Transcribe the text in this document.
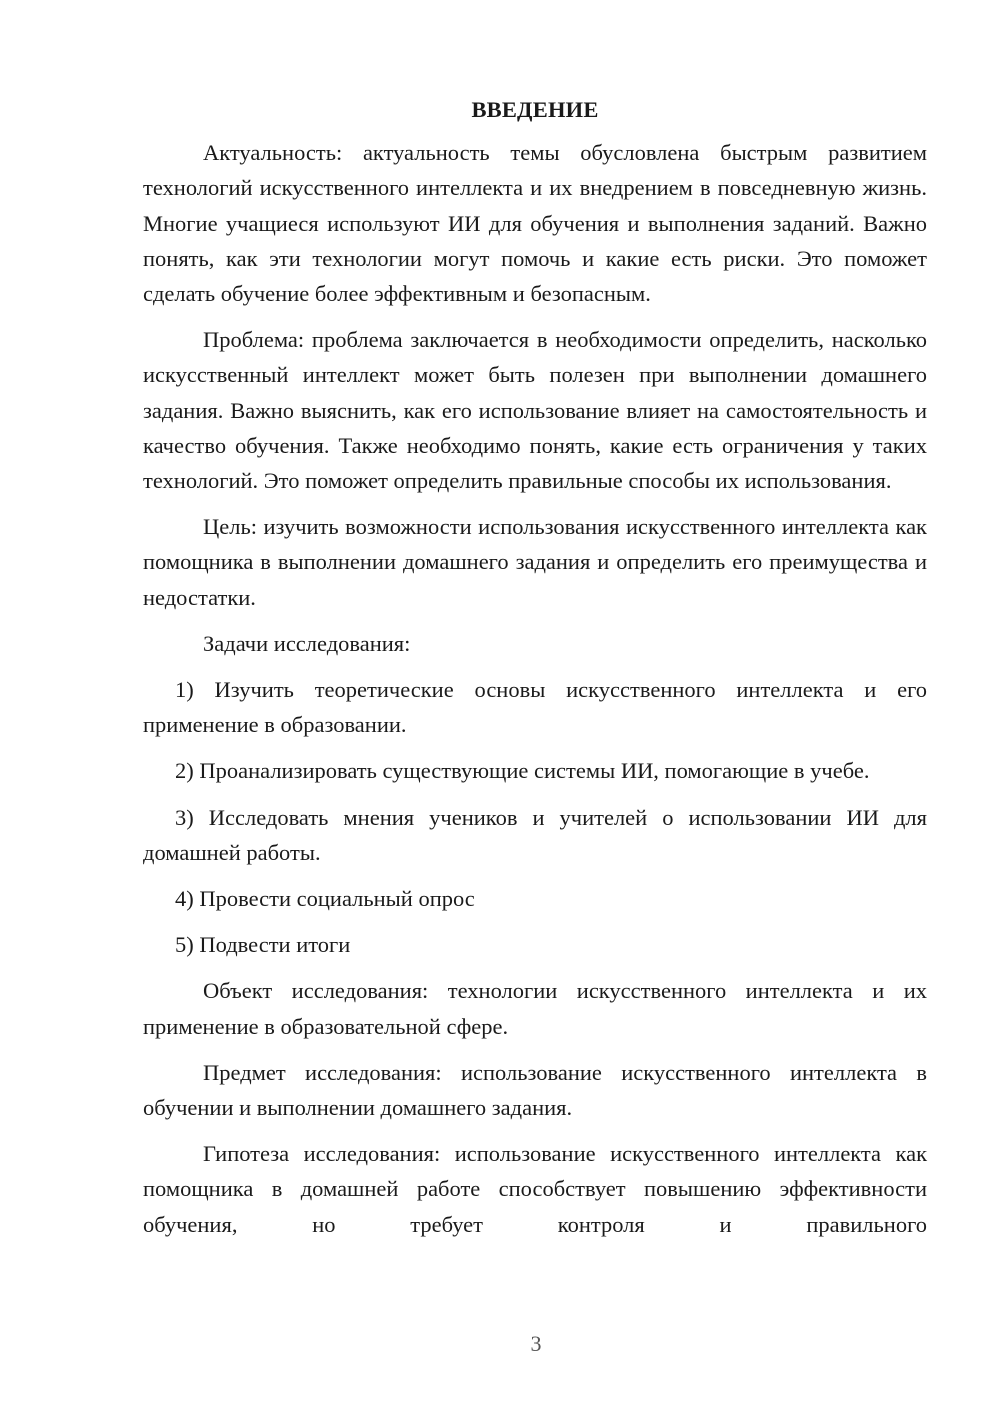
ВВЕДЕНИЕ

Актуальность: актуальность темы обусловлена быстрым развитием технологий искусственного интеллекта и их внедрением в повседневную жизнь. Многие учащиеся используют ИИ для обучения и выполнения заданий. Важно понять, как эти технологии могут помочь и какие есть риски. Это поможет сделать обучение более эффективным и безопасным.

Проблема: проблема заключается в необходимости определить, насколько искусственный интеллект может быть полезен при выполнении домашнего задания. Важно выяснить, как его использование влияет на самостоятельность и качество обучения. Также необходимо понять, какие есть ограничения у таких технологий. Это поможет определить правильные способы их использования.

Цель: изучить возможности использования искусственного интеллекта как помощника в выполнении домашнего задания и определить его преимущества и недостатки.

Задачи исследования:

1) Изучить теоретические основы искусственного интеллекта и его применение в образовании.

2) Проанализировать существующие системы ИИ, помогающие в учебе.

3) Исследовать мнения учеников и учителей о использовании ИИ для домашней работы.

4) Провести социальный опрос

5) Подвести итоги

Объект исследования: технологии искусственного интеллекта и их применение в образовательной сфере.

Предмет исследования: использование искусственного интеллекта в обучении и выполнении домашнего задания.

Гипотеза исследования: использование искусственного интеллекта как помощника в домашней работе способствует повышению эффективности обучения, но требует контроля и правильного

3
